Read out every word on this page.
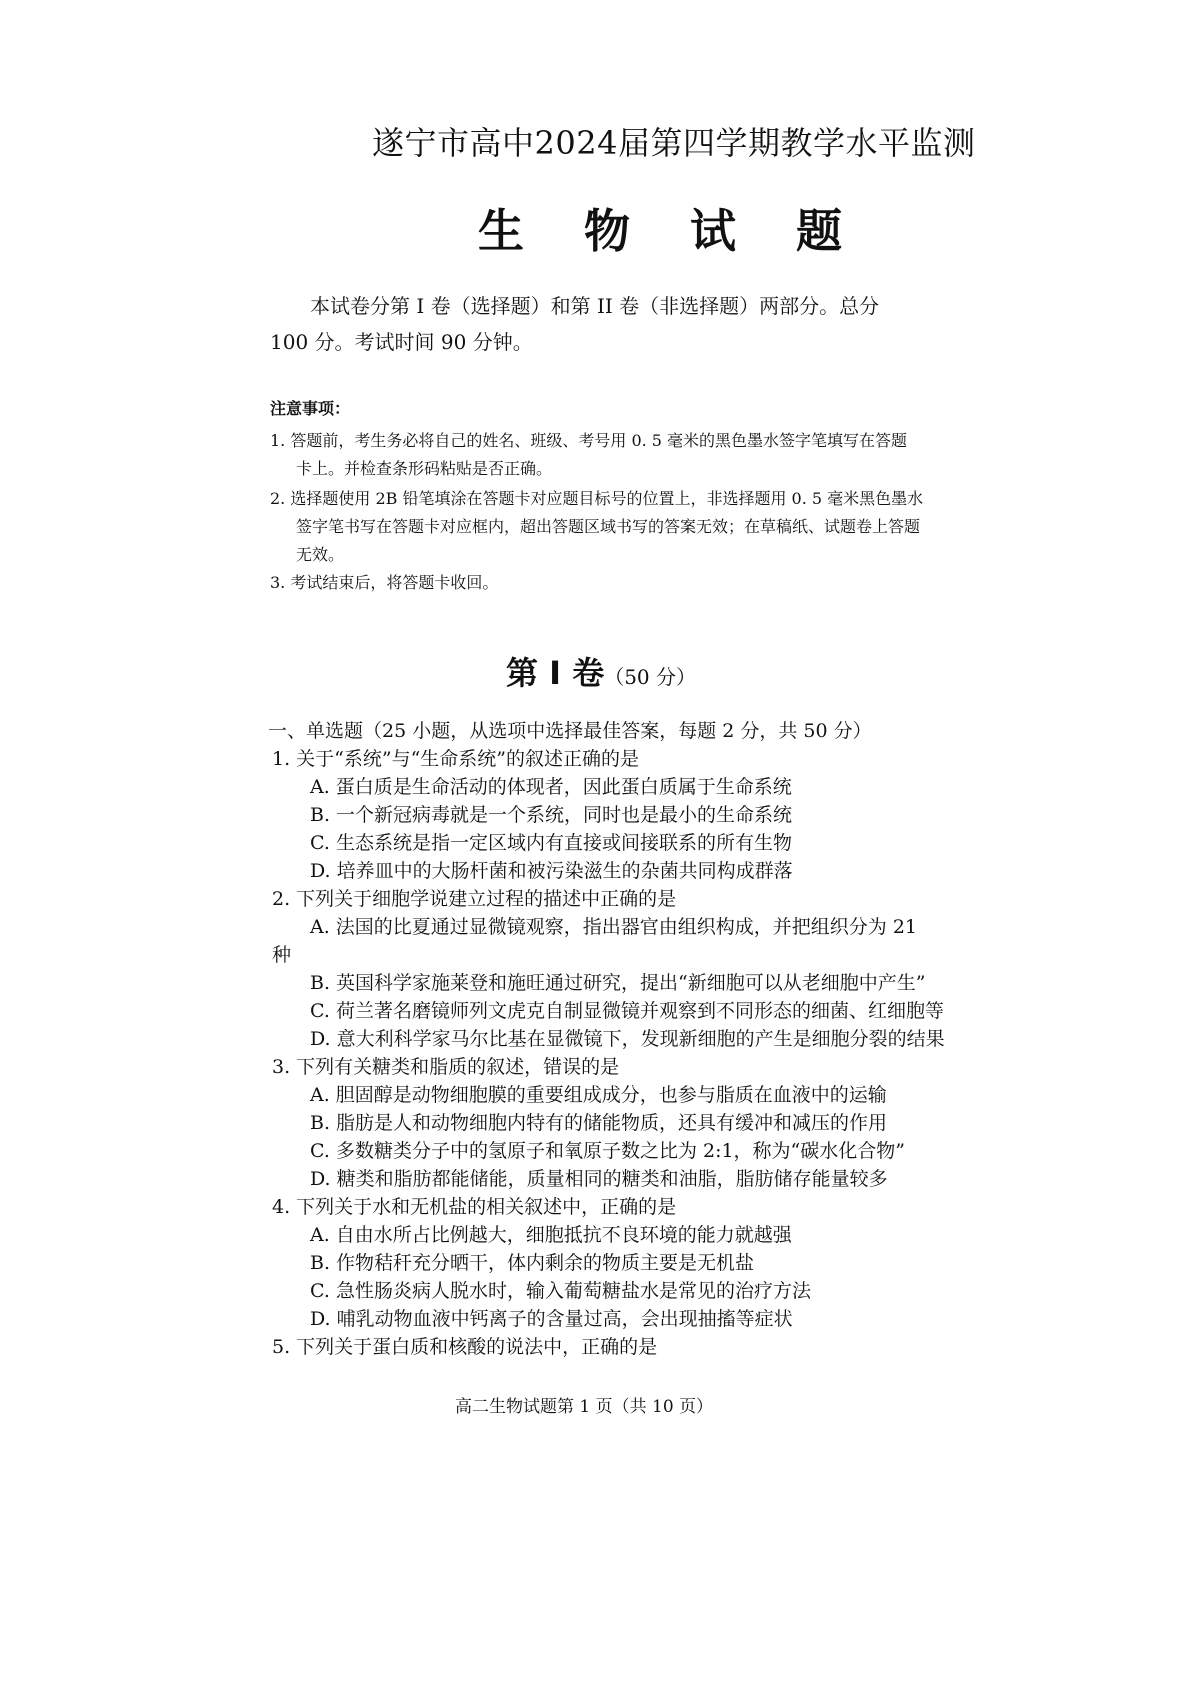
遂宁市高中2024届第四学期教学水平监测
生 物 试 题

本试卷分第 I 卷（选择题）和第 II 卷（非选择题）两部分。总分

100 分。考试时间 90 分钟。
注意事项：
1. 答题前，考生务必将自己的姓名、班级、考号用 0. 5 毫米的黑色墨水签字笔填写在答题
卡上。并检查条形码粘贴是否正确。
2. 选择题使用 2B 铅笔填涂在答题卡对应题目标号的位置上，非选择题用 0. 5 毫米黑色墨水
签字笔书写在答题卡对应框内，超出答题区域书写的答案无效；在草稿纸、试题卷上答题
无效。
3. 考试结束后，将答题卡收回。
第 I 卷（50 分）
一、单选题（25 小题，从选项中选择最佳答案，每题 2 分，共 50 分）
1. 关于“系统”与“生命系统”的叙述正确的是
A. 蛋白质是生命活动的体现者，因此蛋白质属于生命系统
B. 一个新冠病毒就是一个系统，同时也是最小的生命系统
C. 生态系统是指一定区域内有直接或间接联系的所有生物
D. 培养皿中的大肠杆菌和被污染滋生的杂菌共同构成群落
2. 下列关于细胞学说建立过程的描述中正确的是
A. 法国的比夏通过显微镜观察，指出器官由组织构成，并把组织分为 21
种
B. 英国科学家施莱登和施旺通过研究，提出“新细胞可以从老细胞中产生”
C. 荷兰著名磨镜师列文虎克自制显微镜并观察到不同形态的细菌、红细胞等
D. 意大利科学家马尔比基在显微镜下，发现新细胞的产生是细胞分裂的结果
3. 下列有关糖类和脂质的叙述，错误的是
A. 胆固醇是动物细胞膜的重要组成成分，也参与脂质在血液中的运输
B. 脂肪是人和动物细胞内特有的储能物质，还具有缓冲和减压的作用
C. 多数糖类分子中的氢原子和氧原子数之比为 2:1，称为“碳水化合物”
D. 糖类和脂肪都能储能，质量相同的糖类和油脂，脂肪储存能量较多
4. 下列关于水和无机盐的相关叙述中，正确的是
A. 自由水所占比例越大，细胞抵抗不良环境的能力就越强
B. 作物秸秆充分晒干，体内剩余的物质主要是无机盐
C. 急性肠炎病人脱水时，输入葡萄糖盐水是常见的治疗方法
D. 哺乳动物血液中钙离子的含量过高，会出现抽搐等症状
5. 下列关于蛋白质和核酸的说法中，正确的是
高二生物试题第 1 页（共 10 页）
